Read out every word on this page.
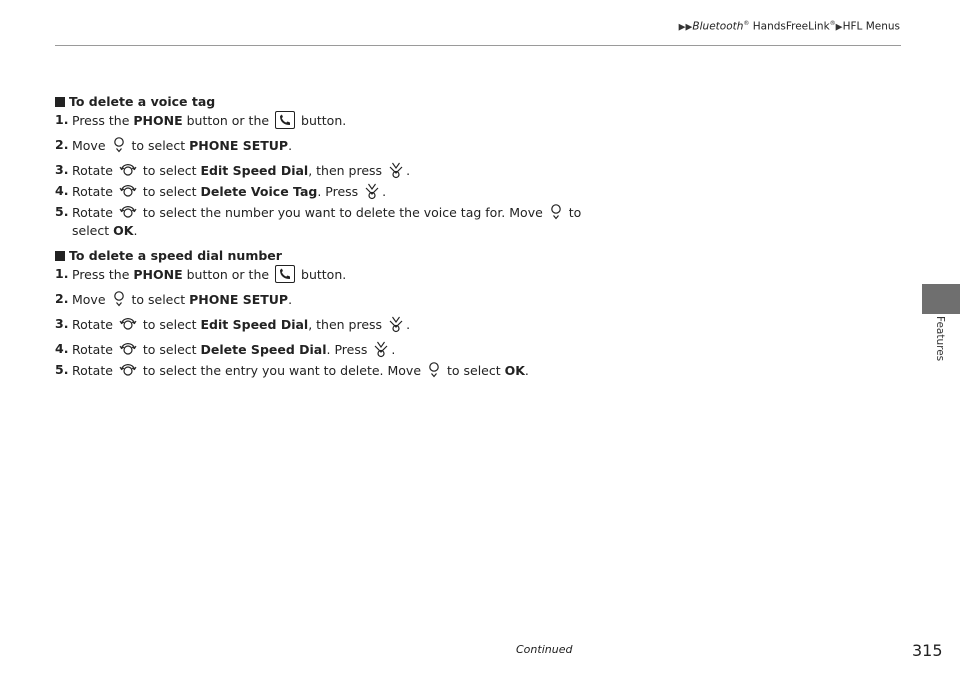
▶▶Bluetooth® HandsFreeLink®▶HFL Menus
Features
To delete a voice tag
1. Press the PHONE button or the
button.
2. Move  to select PHONE SETUP.
3. Rotate  to select Edit Speed Dial, then press .
4. Rotate  to select Delete Voice Tag. Press .
5. Rotate  to select the number you want to delete the voice tag for. Move  to
select OK.
To delete a speed dial number
1. Press the PHONE button or the
button.
2. Move  to select PHONE SETUP.
3. Rotate  to select Edit Speed Dial, then press .
4. Rotate  to select Delete Speed Dial. Press .
5. Rotate  to select the entry you want to delete. Move  to select OK.
Continued	315
